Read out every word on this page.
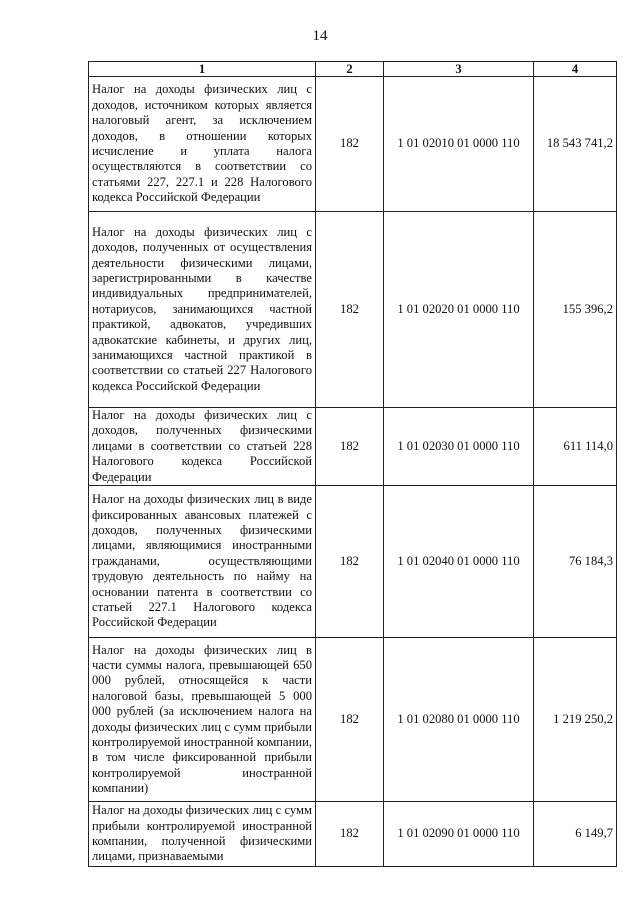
14
1	2	3	4
Налог на доходы физических лиц с доходов, источником которых является налоговый агент, за исключением доходов, в отношении которых исчисление и уплата налога осуществляются в соответствии со статьями 227, 227.1 и 228 Налогового кодекса Российской Федерации	182	1 01 02010 01 0000 110	18 543 741,2
Налог на доходы физических лиц с доходов, полученных от осуществления деятельности физическими лицами, зарегистрированными в качестве индивидуальных предпринимателей, нотариусов, занимающихся частной практикой, адвокатов, учредивших адвокатские кабинеты, и других лиц, занимающихся частной практикой в соответствии со статьей 227 Налогового кодекса Российской Федерации	182	1 01 02020 01 0000 110	155 396,2
Налог на доходы физических лиц с доходов, полученных физическими лицами в соответствии со статьей 228 Налогового кодекса Российской Федерации	182	1 01 02030 01 0000 110	611 114,0
Налог на доходы физических лиц в виде фиксированных авансовых платежей с доходов, полученных физическими лицами, являющимися иностранными гражданами, осуществляющими трудовую деятельность по найму на основании патента в соответствии со статьей 227.1 Налогового кодекса Российской Федерации	182	1 01 02040 01 0000 110	76 184,3
Налог на доходы физических лиц в части суммы налога, превышающей 650 000 рублей, относящейся к части налоговой базы, превышающей 5 000 000 рублей (за исключением налога на доходы физических лиц с сумм прибыли контролируемой иностранной компании, в том числе фиксированной прибыли контролируемой иностранной компании)	182	1 01 02080 01 0000 110	1 219 250,2
Налог на доходы физических лиц с сумм прибыли контролируемой иностранной компании, полученной физическими лицами, признаваемыми	182	1 01 02090 01 0000 110	6 149,7
